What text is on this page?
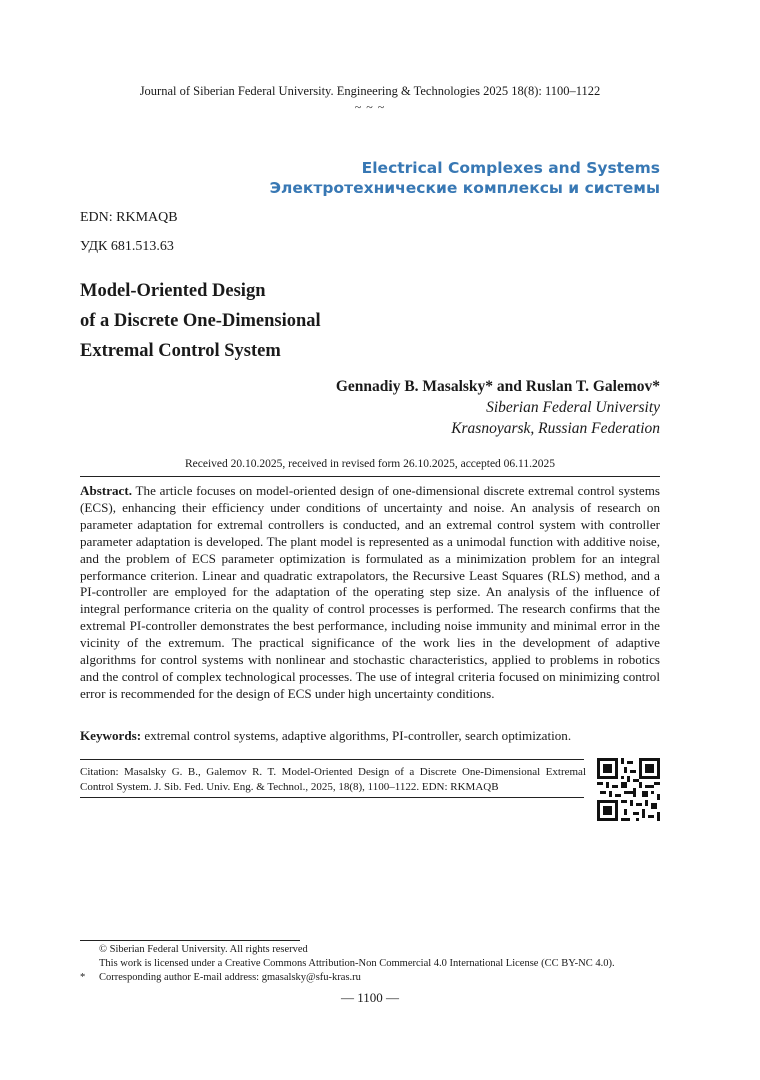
Journal of Siberian Federal University. Engineering & Technologies 2025 18(8): 1100–1122
~ ~ ~
Electrical Complexes and Systems
Электротехнические комплексы и системы
EDN: RKMAQB
УДК 681.513.63
Model-Oriented Design
of a Discrete One-Dimensional
Extremal Control System
Gennadiy B. Masalsky* and Ruslan T. Galemov*
Siberian Federal University
Krasnoyarsk, Russian Federation
Received 20.10.2025, received in revised form 26.10.2025, accepted 06.11.2025
Abstract. The article focuses on model-oriented design of one-dimensional discrete extremal control systems (ECS), enhancing their efficiency under conditions of uncertainty and noise. An analysis of research on parameter adaptation for extremal controllers is conducted, and an extremal control system with controller parameter adaptation is developed. The plant model is represented as a unimodal function with additive noise, and the problem of ECS parameter optimization is formulated as a minimization problem for an integral performance criterion. Linear and quadratic extrapolators, the Recursive Least Squares (RLS) method, and a PI-controller are employed for the adaptation of the operating step size. An analysis of the influence of integral performance criteria on the quality of control processes is performed. The research confirms that the extremal PI-controller demonstrates the best performance, including noise immunity and minimal error in the vicinity of the extremum. The practical significance of the work lies in the development of adaptive algorithms for control systems with nonlinear and stochastic characteristics, applied to problems in robotics and the control of complex technological processes. The use of integral criteria focused on minimizing control error is recommended for the design of ECS under high uncertainty conditions.
Keywords: extremal control systems, adaptive algorithms, PI-controller, search optimization.
Citation: Masalsky G. B., Galemov R. T. Model-Oriented Design of a Discrete One-Dimensional Extremal Control System. J. Sib. Fed. Univ. Eng. & Technol., 2025, 18(8), 1100–1122. EDN: RKMAQB
© Siberian Federal University. All rights reserved
This work is licensed under a Creative Commons Attribution-Non Commercial 4.0 International License (CC BY-NC 4.0).
* Corresponding author E-mail address: gmasalsky@sfu-kras.ru
— 1100 —
